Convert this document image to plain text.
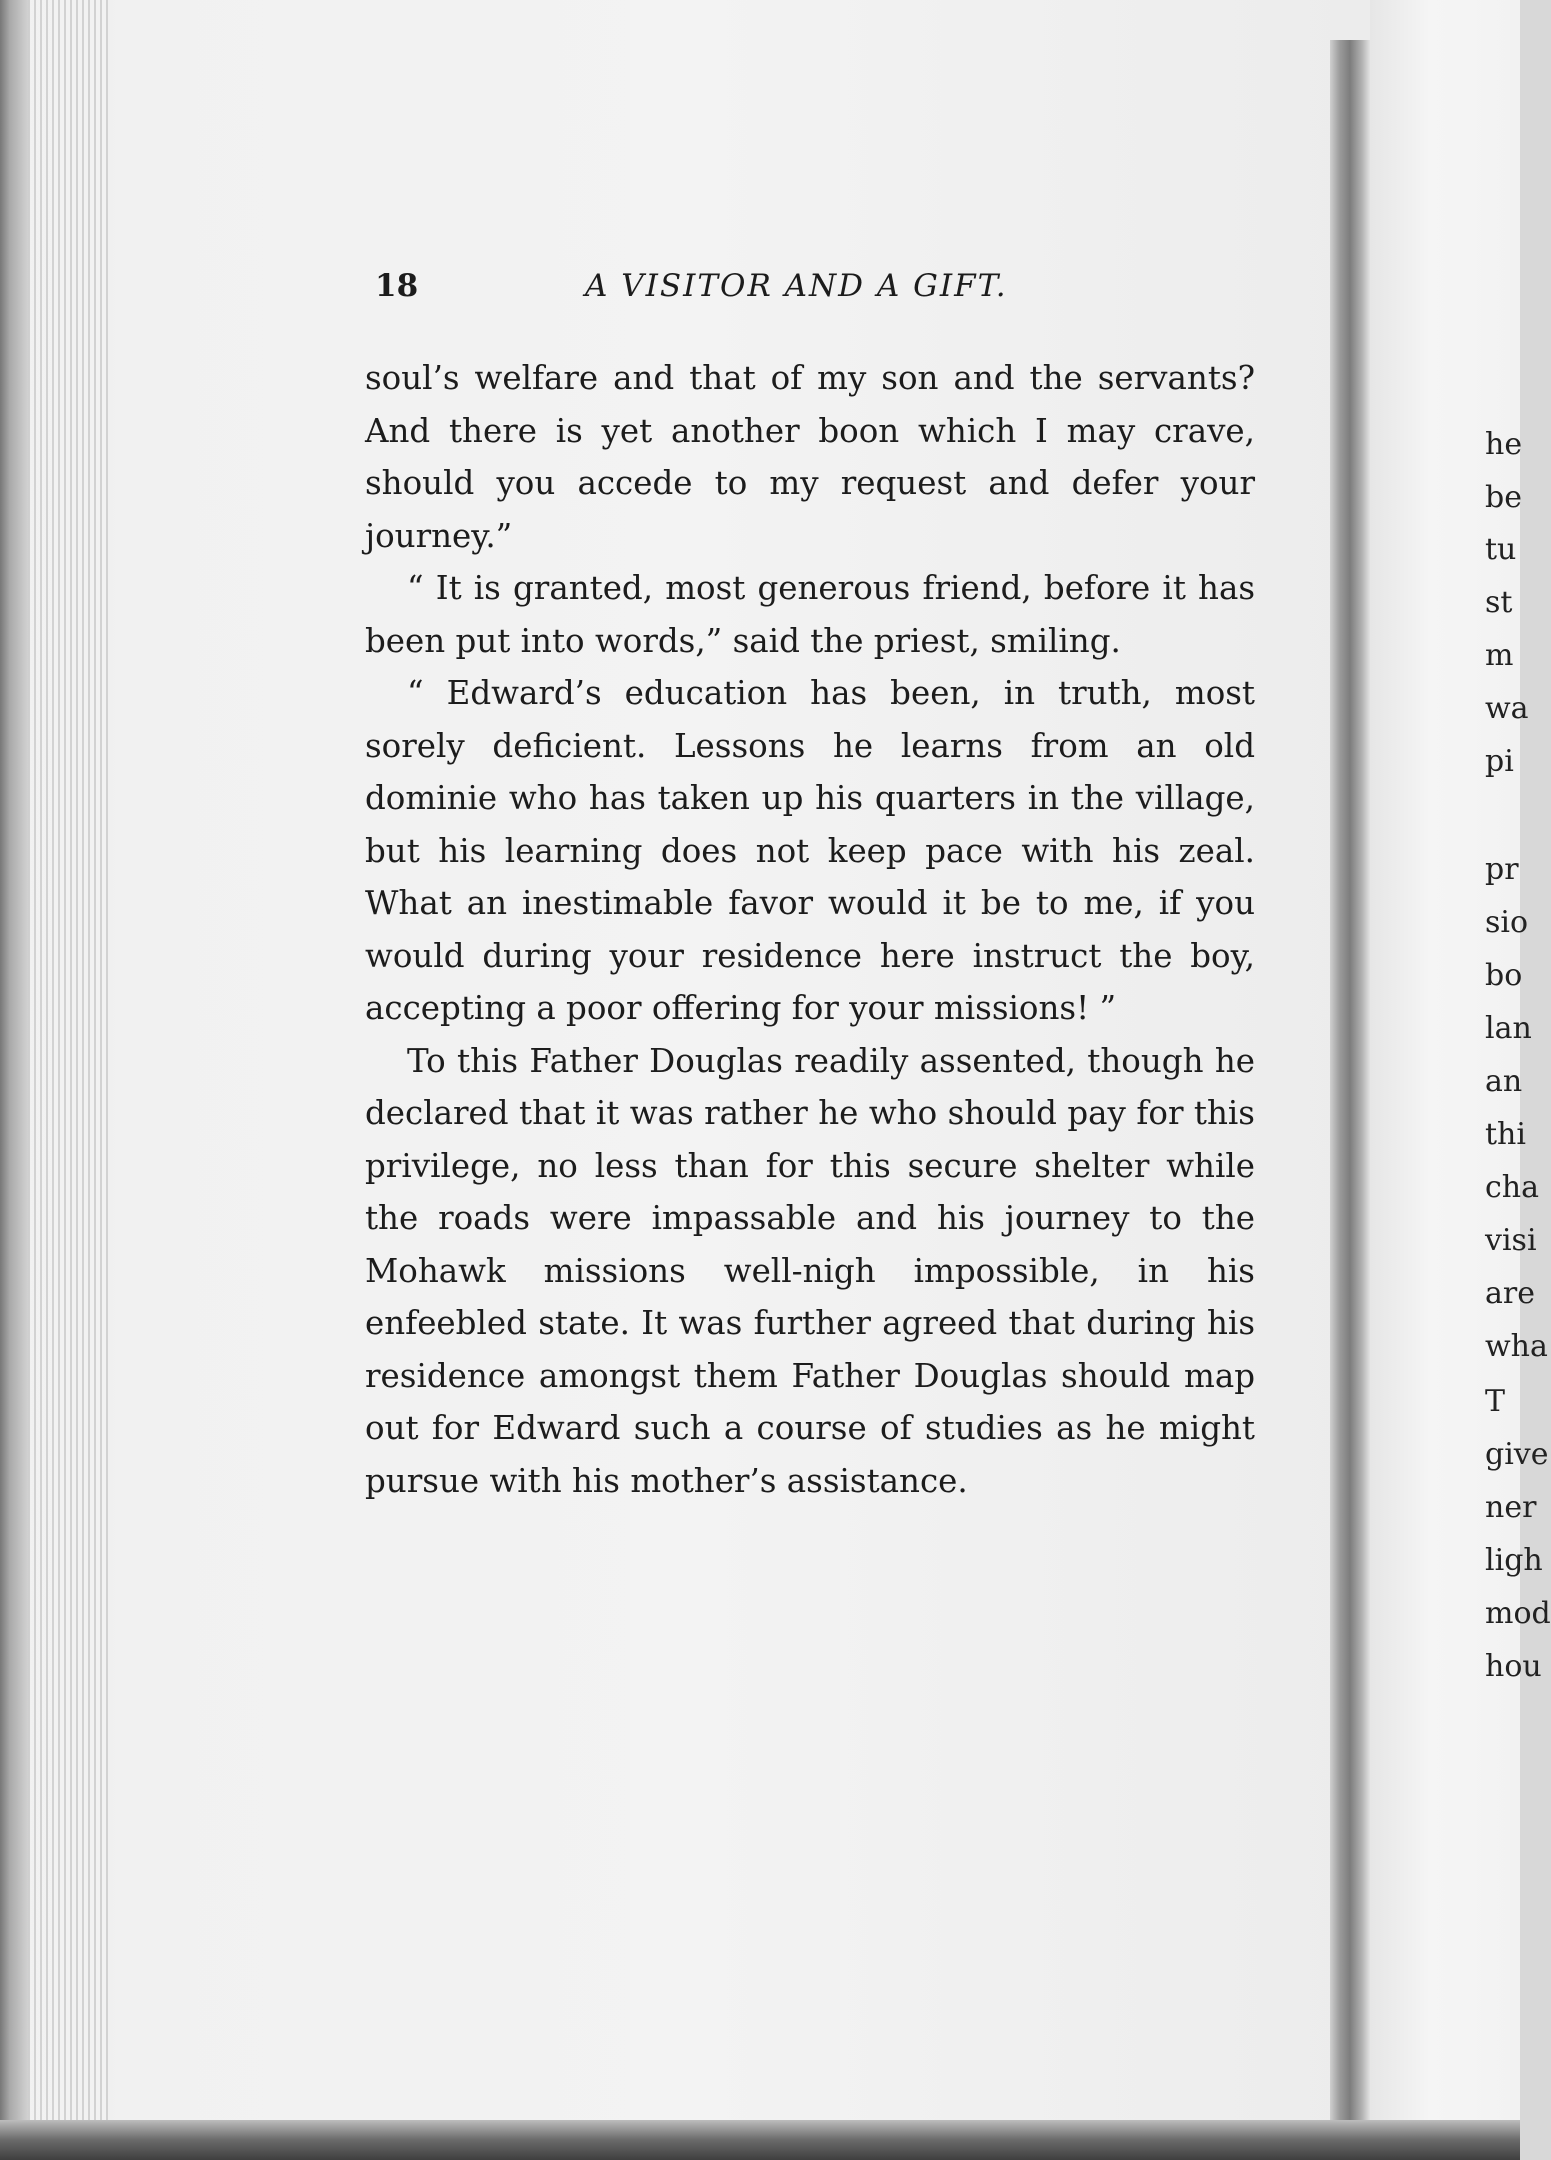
18	A VISITOR AND A GIFT.

soul’s welfare and that of my son and the servants? And there is yet another boon which I may crave, should you accede to my request and defer your journey.”

“ It is granted, most generous friend, before it has been put into words,” said the priest, smiling.

“ Edward’s education has been, in truth, most sorely deficient. Lessons he learns from an old dominie who has taken up his quarters in the village, but his learning does not keep pace with his zeal. What an inestimable favor would it be to me, if you would during your residence here instruct the boy, accepting a poor offering for your missions! ”

To this Father Douglas readily assented, though he declared that it was rather he who should pay for this privilege, no less than for this secure shelter while the roads were impassable and his journey to the Mohawk missions well-nigh impossible, in his enfeebled state. It was further agreed that during his residence amongst them Father Douglas should map out for Edward such a course of studies as he might pursue with his mother’s assistance.

he
be
tu
st
m
wa
pi
pr
sio
bo
lan
an
thi
cha
visi
are
wha
T
give
ner
ligh
mod
hou
